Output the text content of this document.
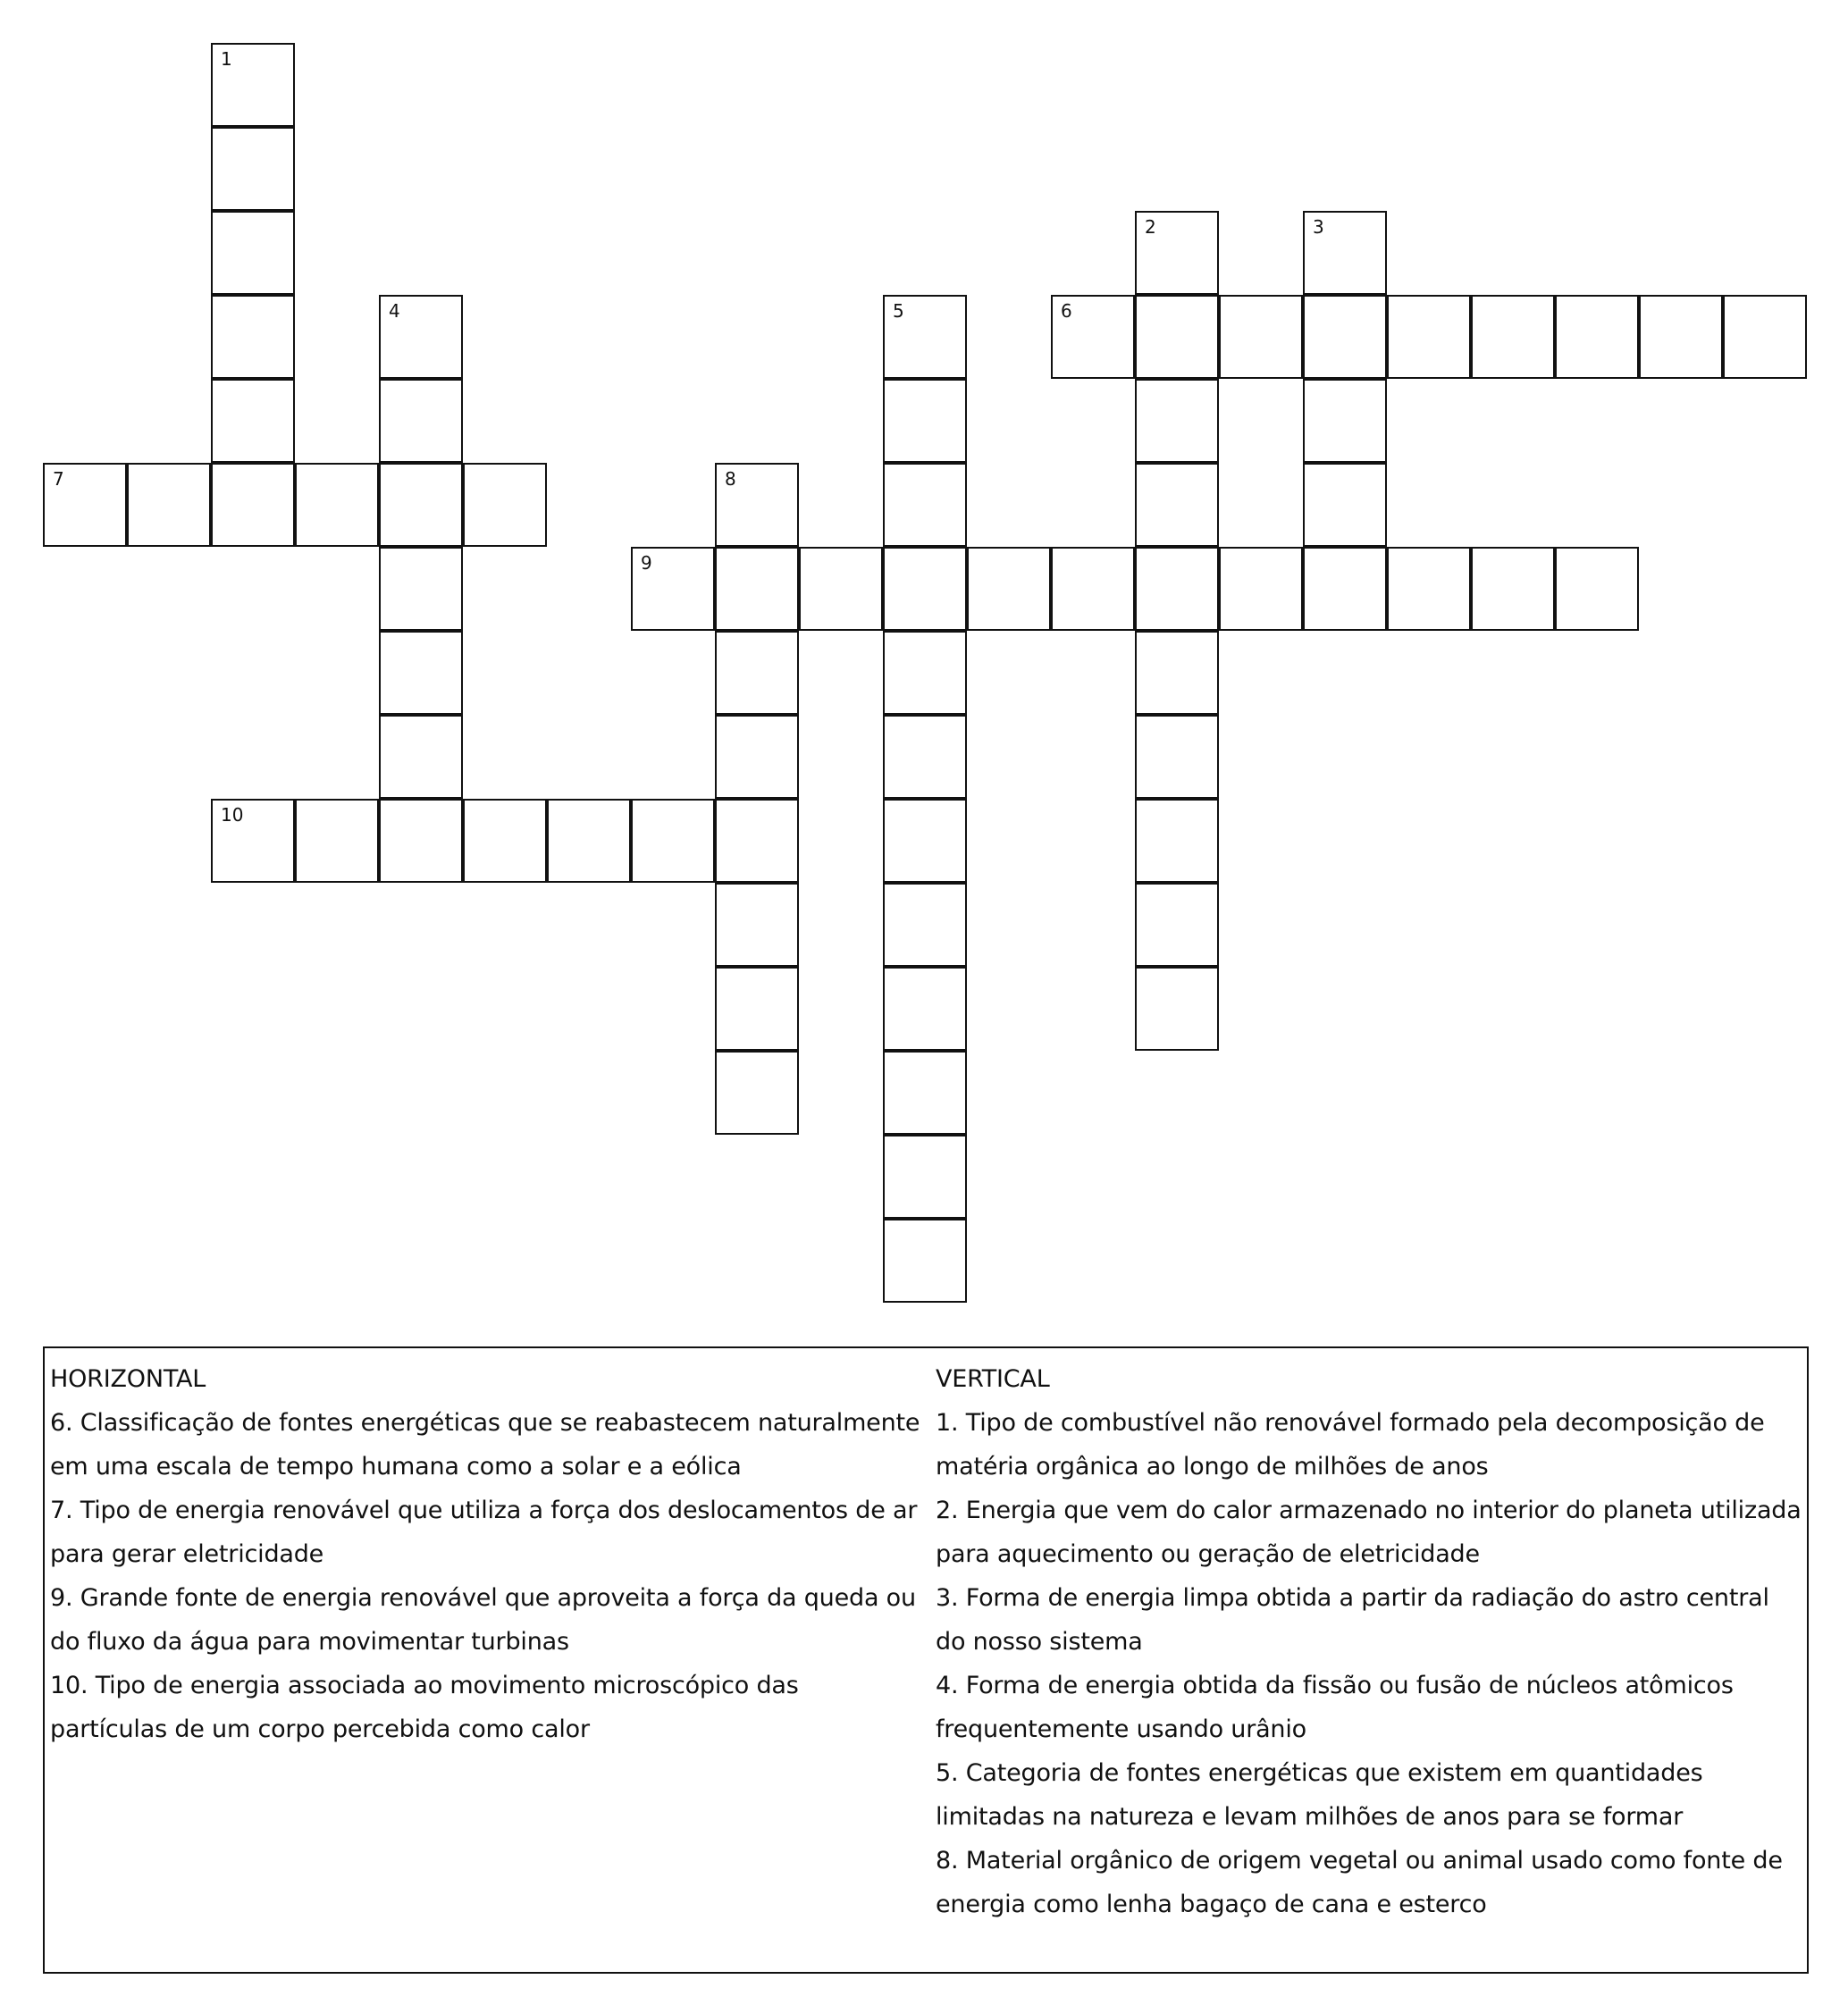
1
2	3
4	5	6
7	8
9
10
HORIZONTAL
6. Classificação de fontes energéticas que se reabastecem naturalmente
em uma escala de tempo humana como a solar e a eólica
7. Tipo de energia renovável que utiliza a força dos deslocamentos de ar
para gerar eletricidade
9. Grande fonte de energia renovável que aproveita a força da queda ou
do fluxo da água para movimentar turbinas
10. Tipo de energia associada ao movimento microscópico das
partículas de um corpo percebida como calor
VERTICAL
1. Tipo de combustível não renovável formado pela decomposição de
matéria orgânica ao longo de milhões de anos
2. Energia que vem do calor armazenado no interior do planeta utilizada
para aquecimento ou geração de eletricidade
3. Forma de energia limpa obtida a partir da radiação do astro central
do nosso sistema
4. Forma de energia obtida da fissão ou fusão de núcleos atômicos
frequentemente usando urânio
5. Categoria de fontes energéticas que existem em quantidades
limitadas na natureza e levam milhões de anos para se formar
8. Material orgânico de origem vegetal ou animal usado como fonte de
energia como lenha bagaço de cana e esterco
